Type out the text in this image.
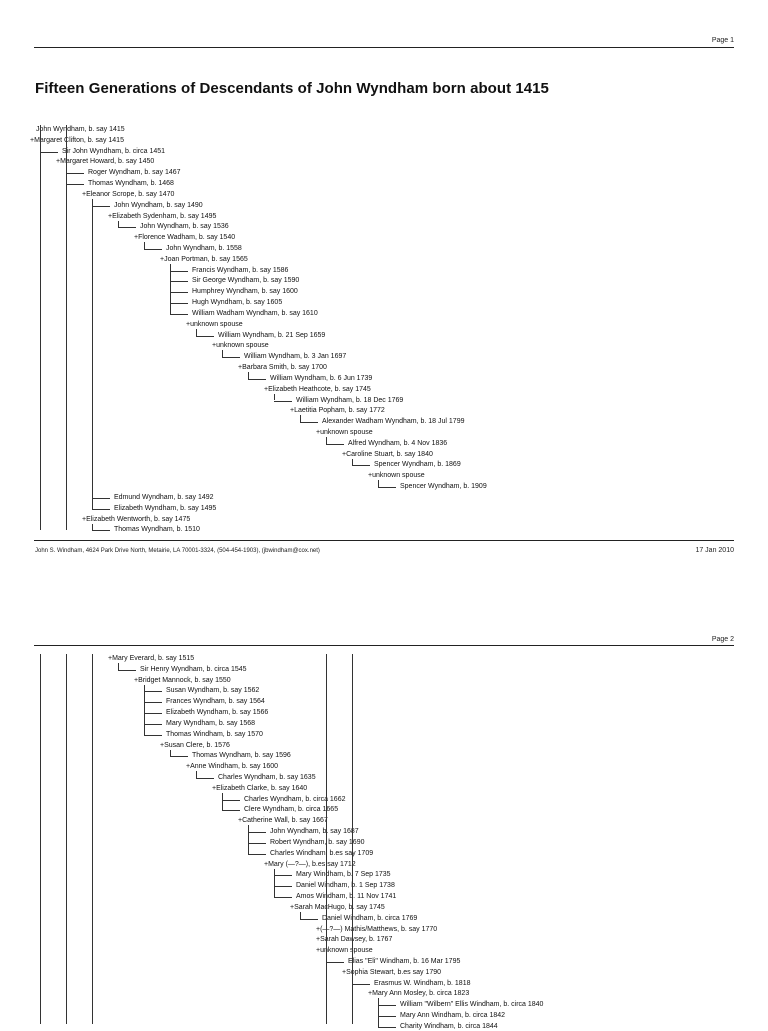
Page 1
Fifteen Generations of Descendants of John Wyndham born about 1415
John Wyndham, b. say 1415
+Margaret Clifton, b. say 1415
Sir John Wyndham, b. circa 1451
+Margaret Howard, b. say 1450
Roger Wyndham, b. say 1467
Thomas Wyndham, b. 1468
+Eleanor Scrope, b. say 1470
John Wyndham, b. say 1490
+Elizabeth Sydenham, b. say 1495
John Wyndham, b. say 1536
+Florence Wadham, b. say 1540
John Wyndham, b. 1558
+Joan Portman, b. say 1565
Francis Wyndham, b. say 1586
Sir George Wyndham, b. say 1590
Humphrey Wyndham, b. say 1600
Hugh Wyndham, b. say 1605
William Wadham Wyndham, b. say 1610
+unknown spouse
William Wyndham, b. 21 Sep 1659
+unknown spouse
William Wyndham, b. 3 Jan 1697
+Barbara Smith, b. say 1700
William Wyndham, b. 6 Jun 1739
+Elizabeth Heathcote, b. say 1745
William Wyndham, b. 18 Dec 1769
+Laetitia Popham, b. say 1772
Alexander Wadham Wyndham, b. 18 Jul 1799
+unknown spouse
Alfred Wyndham, b. 4 Nov 1836
+Caroline Stuart, b. say 1840
Spencer Wyndham, b. 1869
+unknown spouse
Spencer Wyndham, b. 1909
Edmund Wyndham, b. say 1492
Elizabeth Wyndham, b. say 1495
+Elizabeth Wentworth, b. say 1475
Thomas Wyndham, b. 1510
John S. Windham, 4624 Park Drive North, Metairie, LA 70001-3324, (504-454-1903), (jbwindham@cox.net)	17 Jan 2010
Page 2
+Mary Everard, b. say 1515
Sir Henry Wyndham, b. circa 1545
+Bridget Mannock, b. say 1550
Susan Wyndham, b. say 1562
Frances Wyndham, b. say 1564
Elizabeth Wyndham, b. say 1566
Mary Wyndham, b. say 1568
Thomas Windham, b. say 1570
+Susan Clere, b. 1576
Thomas Wyndham, b. say 1596
+Anne Windham, b. say 1600
Charles Wyndham, b. say 1635
+Elizabeth Clarke, b. say 1640
Charles Wyndham, b. circa 1662
Clere Wyndham, b. circa 1665
+Catherine Wall, b. say 1667
John Wyndham, b. say 1687
Robert Wyndham, b. say 1690
Charles Windham, b.es say 1709
+Mary (—?—), b.es say 1712
Mary Windham, b. 7 Sep 1735
Daniel Windham, b. 1 Sep 1738
Amos Windham, b. 11 Nov 1741
+Sarah MacHugo, b. say 1745
Daniel Windham, b. circa 1769
+(—?—) Mathis/Matthews, b. say 1770
+Sarah Dawsey, b. 1767
+unknown spouse
Elias "Eli" Windham, b. 16 Mar 1795
+Sophia Stewart, b.es say 1790
Erasmus W. Windham, b. 1818
+Mary Ann Mosley, b. circa 1823
William "Wilbern" Ellis Windham, b. circa 1840
Mary Ann Windham, b. circa 1842
Charity Windham, b. circa 1844
